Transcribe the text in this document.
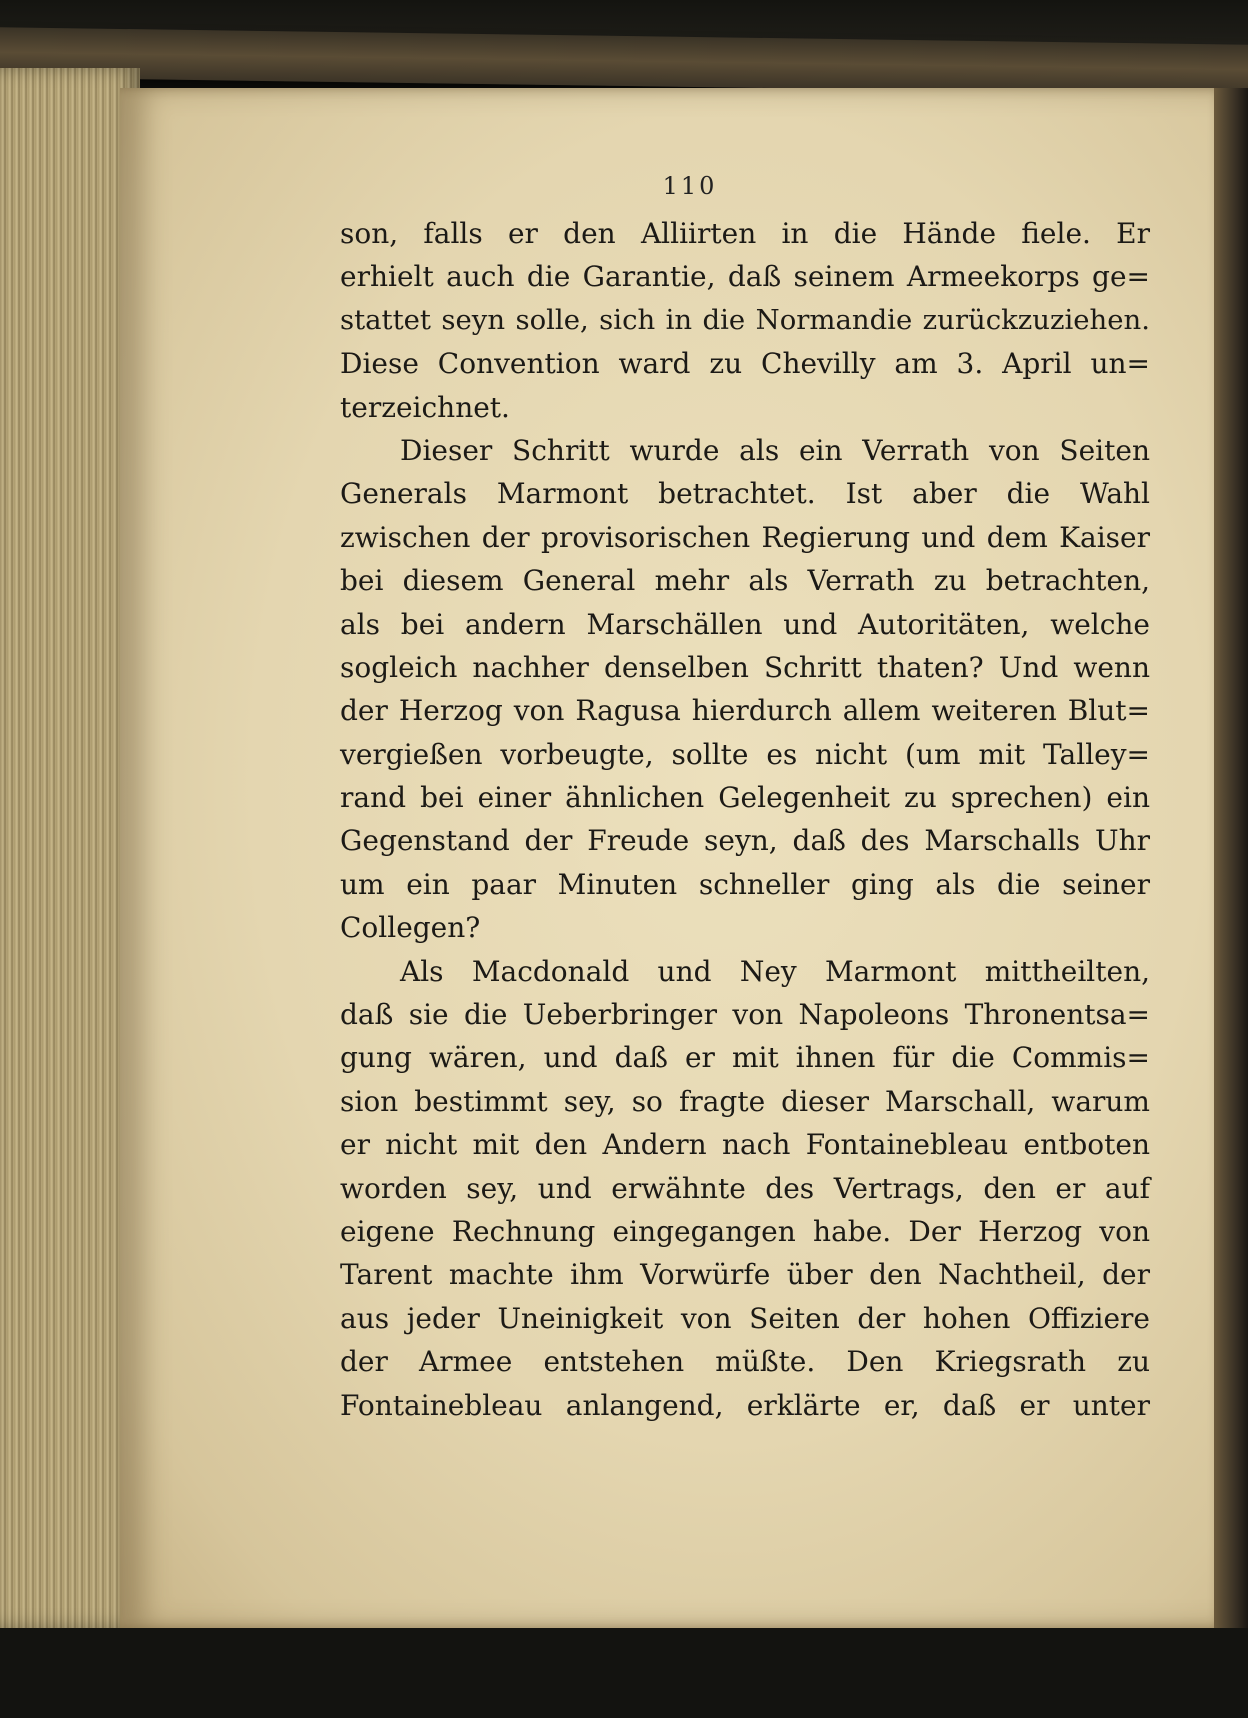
110
son, falls er den Alliirten in die Hände fiele. Er
erhielt auch die Garantie, daß seinem Armeekorps ge=
stattet seyn solle, sich in die Normandie zurückzuziehen.
Diese Convention ward zu Chevilly am 3. April un=
terzeichnet.
Dieser Schritt wurde als ein Verrath von Seiten
Generals Marmont betrachtet. Ist aber die Wahl
zwischen der provisorischen Regierung und dem Kaiser
bei diesem General mehr als Verrath zu betrachten,
als bei andern Marschällen und Autoritäten, welche
sogleich nachher denselben Schritt thaten? Und wenn
der Herzog von Ragusa hierdurch allem weiteren Blut=
vergießen vorbeugte, sollte es nicht (um mit Talley=
rand bei einer ähnlichen Gelegenheit zu sprechen) ein
Gegenstand der Freude seyn, daß des Marschalls Uhr
um ein paar Minuten schneller ging als die seiner
Collegen?
Als Macdonald und Ney Marmont mittheilten,
daß sie die Ueberbringer von Napoleons Thronentsa=
gung wären, und daß er mit ihnen für die Commis=
sion bestimmt sey, so fragte dieser Marschall, warum
er nicht mit den Andern nach Fontainebleau entboten
worden sey, und erwähnte des Vertrags, den er auf
eigene Rechnung eingegangen habe. Der Herzog von
Tarent machte ihm Vorwürfe über den Nachtheil, der
aus jeder Uneinigkeit von Seiten der hohen Offiziere
der Armee entstehen müßte. Den Kriegsrath zu
Fontainebleau anlangend, erklärte er, daß er unter
